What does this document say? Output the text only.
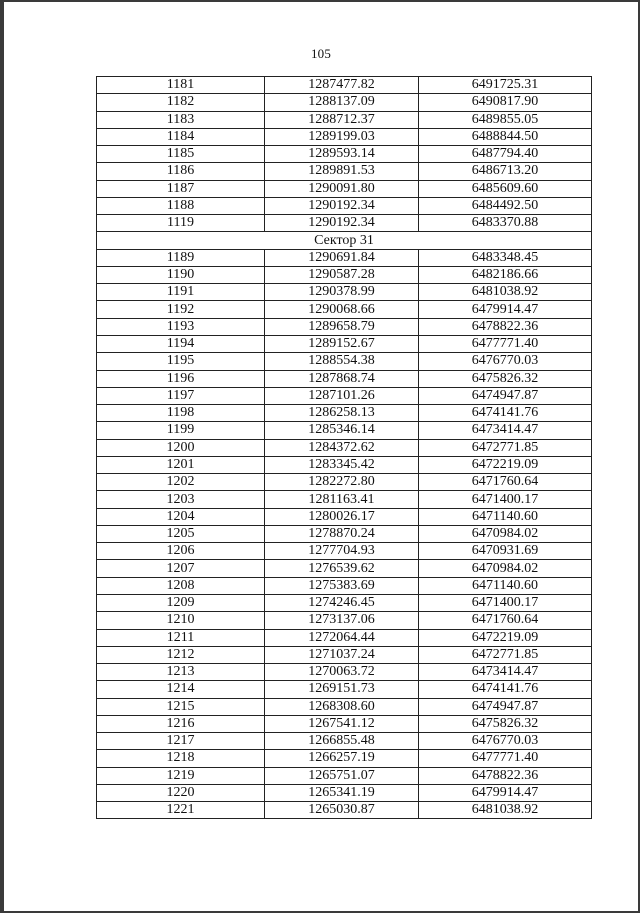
105
1181	1287477.82	6491725.31
1182	1288137.09	6490817.90
1183	1288712.37	6489855.05
1184	1289199.03	6488844.50
1185	1289593.14	6487794.40
1186	1289891.53	6486713.20
1187	1290091.80	6485609.60
1188	1290192.34	6484492.50
1119	1290192.34	6483370.88
Сектор 31		
1189	1290691.84	6483348.45
1190	1290587.28	6482186.66
1191	1290378.99	6481038.92
1192	1290068.66	6479914.47
1193	1289658.79	6478822.36
1194	1289152.67	6477771.40
1195	1288554.38	6476770.03
1196	1287868.74	6475826.32
1197	1287101.26	6474947.87
1198	1286258.13	6474141.76
1199	1285346.14	6473414.47
1200	1284372.62	6472771.85
1201	1283345.42	6472219.09
1202	1282272.80	6471760.64
1203	1281163.41	6471400.17
1204	1280026.17	6471140.60
1205	1278870.24	6470984.02
1206	1277704.93	6470931.69
1207	1276539.62	6470984.02
1208	1275383.69	6471140.60
1209	1274246.45	6471400.17
1210	1273137.06	6471760.64
1211	1272064.44	6472219.09
1212	1271037.24	6472771.85
1213	1270063.72	6473414.47
1214	1269151.73	6474141.76
1215	1268308.60	6474947.87
1216	1267541.12	6475826.32
1217	1266855.48	6476770.03
1218	1266257.19	6477771.40
1219	1265751.07	6478822.36
1220	1265341.19	6479914.47
1221	1265030.87	6481038.92
